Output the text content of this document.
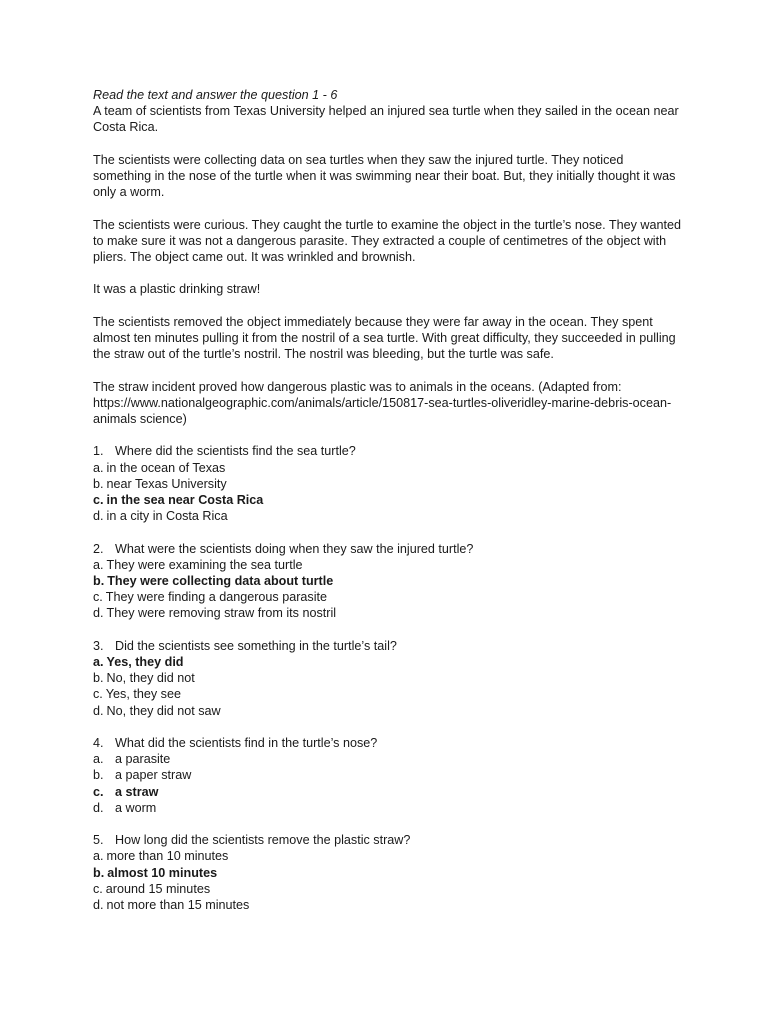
Read the text and answer the question 1 - 6
A team of scientists from Texas University helped an injured sea turtle when they sailed in the ocean near Costa Rica.
The scientists were collecting data on sea turtles when they saw the injured turtle. They noticed something in the nose of the turtle when it was swimming near their boat. But, they initially thought it was only a worm.
The scientists were curious. They caught the turtle to examine the object in the turtle’s nose. They wanted to make sure it was not a dangerous parasite. They extracted a couple of centimetres of the object with pliers. The object came out. It was wrinkled and brownish.
It was a plastic drinking straw!
The scientists removed the object immediately because they were far away in the ocean. They spent almost ten minutes pulling it from the nostril of a sea turtle. With great difficulty, they succeeded in pulling the straw out of the turtle’s nostril. The nostril was bleeding, but the turtle was safe.
The straw incident proved how dangerous plastic was to animals in the oceans. (Adapted from: https://www.nationalgeographic.com/animals/article/150817-sea-turtles-oliveridley-marine-debris-ocean-animals science)
1. Where did the scientists find the sea turtle?
a. in the ocean of Texas
b. near Texas University
c. in the sea near Costa Rica
d. in a city in Costa Rica
2. What were the scientists doing when they saw the injured turtle?
a. They were examining the sea turtle
b. They were collecting data about turtle
c. They were finding a dangerous parasite
d. They were removing straw from its nostril
3. Did the scientists see something in the turtle’s tail?
a. Yes, they did
b. No, they did not
c. Yes, they see
d. No, they did not saw
4. What did the scientists find in the turtle’s nose?
a. a parasite
b. a paper straw
c. a straw
d. a worm
5. How long did the scientists remove the plastic straw?
a. more than 10 minutes
b. almost 10 minutes
c. around 15 minutes
d. not more than 15 minutes
